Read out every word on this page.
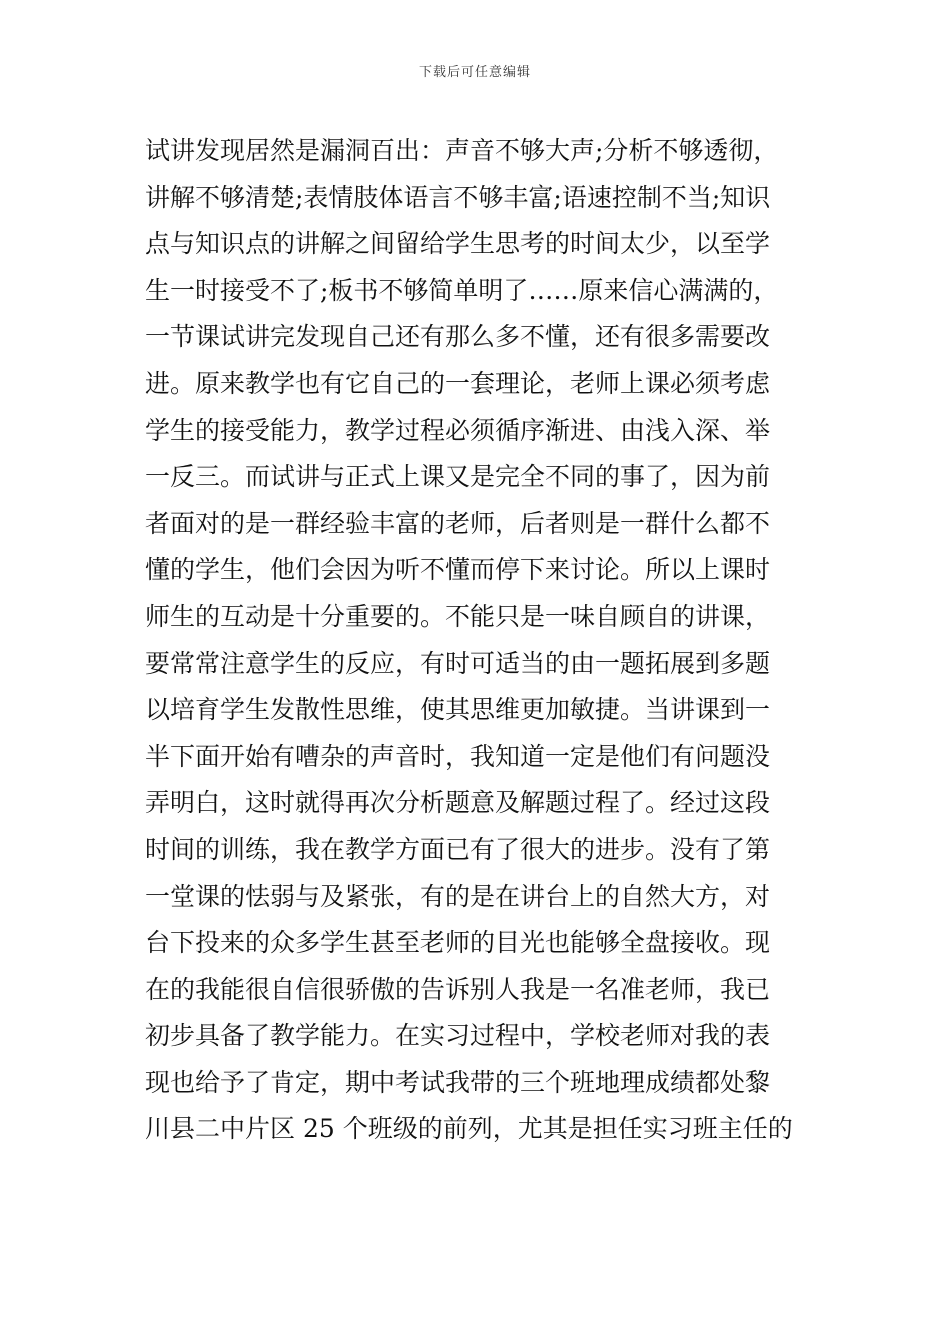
下载后可任意编辑
试讲发现居然是漏洞百出：声音不够大声;分析不够透彻，
讲解不够清楚;表情肢体语言不够丰富;语速控制不当;知识
点与知识点的讲解之间留给学生思考的时间太少，以至学
生一时接受不了;板书不够简单明了……原来信心满满的，
一节课试讲完发现自己还有那么多不懂，还有很多需要改
进。原来教学也有它自己的一套理论，老师上课必须考虑
学生的接受能力，教学过程必须循序渐进、由浅入深、举
一反三。而试讲与正式上课又是完全不同的事了，因为前
者面对的是一群经验丰富的老师，后者则是一群什么都不
懂的学生，他们会因为听不懂而停下来讨论。所以上课时
师生的互动是十分重要的。不能只是一味自顾自的讲课，
要常常注意学生的反应，有时可适当的由一题拓展到多题
以培育学生发散性思维，使其思维更加敏捷。当讲课到一
半下面开始有嘈杂的声音时，我知道一定是他们有问题没
弄明白，这时就得再次分析题意及解题过程了。经过这段
时间的训练，我在教学方面已有了很大的进步。没有了第
一堂课的怯弱与及紧张，有的是在讲台上的自然大方，对
台下投来的众多学生甚至老师的目光也能够全盘接收。现
在的我能很自信很骄傲的告诉别人我是一名准老师，我已
初步具备了教学能力。在实习过程中，学校老师对我的表
现也给予了肯定，期中考试我带的三个班地理成绩都处黎
川县二中片区 25 个班级的前列，尤其是担任实习班主任的
